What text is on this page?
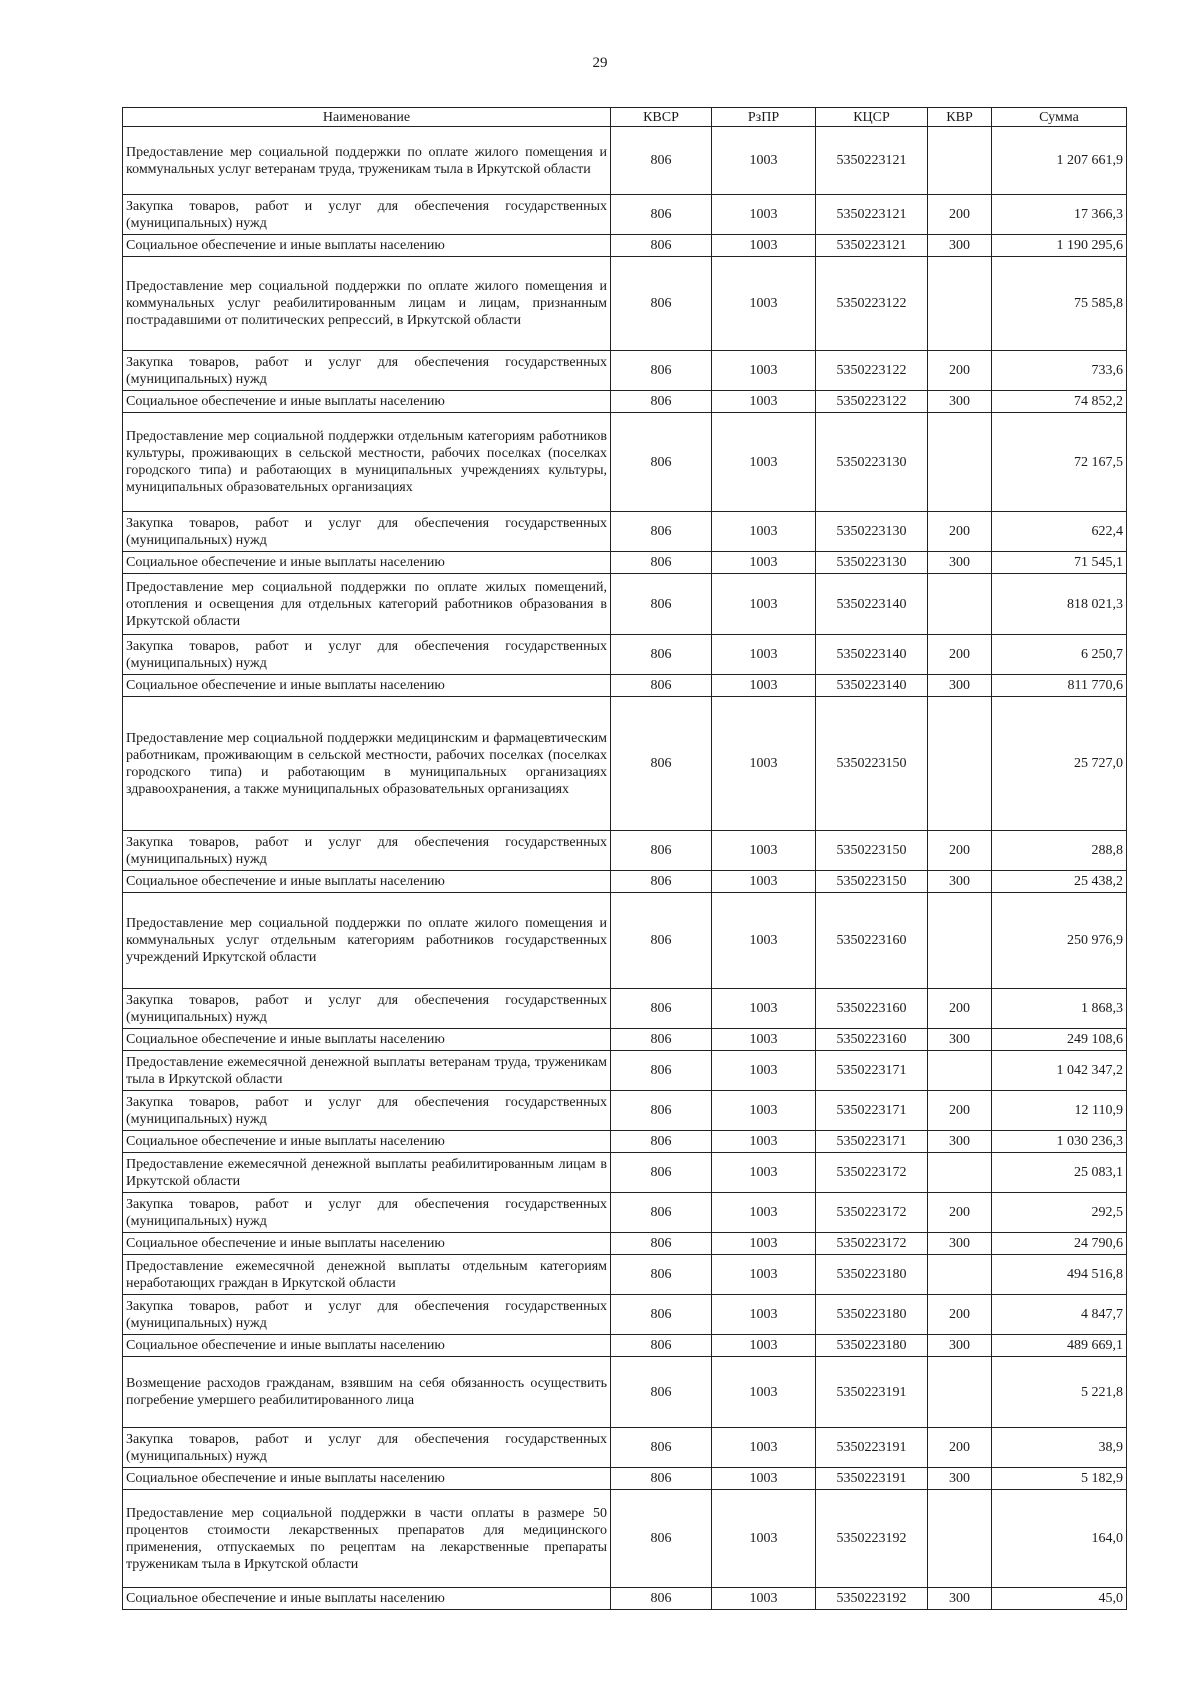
29
Наименование	КВСР	РзПР	КЦСР	КВР	Сумма
Предоставление мер социальной поддержки по оплате жилого помещения и коммунальных услуг ветеранам труда, труженикам тыла в Иркутской области	806	1003	5350223121		1 207 661,9
Закупка товаров, работ и услуг для обеспечения государственных (муниципальных) нужд	806	1003	5350223121	200	17 366,3
Социальное обеспечение и иные выплаты населению	806	1003	5350223121	300	1 190 295,6
Предоставление мер социальной поддержки по оплате жилого помещения и коммунальных услуг реабилитированным лицам и лицам, признанным пострадавшими от политических репрессий, в Иркутской области	806	1003	5350223122		75 585,8
Закупка товаров, работ и услуг для обеспечения государственных (муниципальных) нужд	806	1003	5350223122	200	733,6
Социальное обеспечение и иные выплаты населению	806	1003	5350223122	300	74 852,2
Предоставление мер социальной поддержки отдельным категориям работников культуры, проживающих в сельской местности, рабочих поселках (поселках городского типа) и работающих в муниципальных учреждениях культуры, муниципальных образовательных организациях	806	1003	5350223130		72 167,5
Закупка товаров, работ и услуг для обеспечения государственных (муниципальных) нужд	806	1003	5350223130	200	622,4
Социальное обеспечение и иные выплаты населению	806	1003	5350223130	300	71 545,1
Предоставление мер социальной поддержки по оплате жилых помещений, отопления и освещения для отдельных категорий работников образования в Иркутской области	806	1003	5350223140		818 021,3
Закупка товаров, работ и услуг для обеспечения государственных (муниципальных) нужд	806	1003	5350223140	200	6 250,7
Социальное обеспечение и иные выплаты населению	806	1003	5350223140	300	811 770,6
Предоставление мер социальной поддержки медицинским и фармацевтическим работникам, проживающим в сельской местности, рабочих поселках (поселках городского типа) и работающим в муниципальных организациях здравоохранения, а также муниципальных образовательных организациях	806	1003	5350223150		25 727,0
Закупка товаров, работ и услуг для обеспечения государственных (муниципальных) нужд	806	1003	5350223150	200	288,8
Социальное обеспечение и иные выплаты населению	806	1003	5350223150	300	25 438,2
Предоставление мер социальной поддержки по оплате жилого помещения и коммунальных услуг отдельным категориям работников государственных учреждений Иркутской области	806	1003	5350223160		250 976,9
Закупка товаров, работ и услуг для обеспечения государственных (муниципальных) нужд	806	1003	5350223160	200	1 868,3
Социальное обеспечение и иные выплаты населению	806	1003	5350223160	300	249 108,6
Предоставление ежемесячной денежной выплаты ветеранам труда, труженикам тыла в Иркутской области	806	1003	5350223171		1 042 347,2
Закупка товаров, работ и услуг для обеспечения государственных (муниципальных) нужд	806	1003	5350223171	200	12 110,9
Социальное обеспечение и иные выплаты населению	806	1003	5350223171	300	1 030 236,3
Предоставление ежемесячной денежной выплаты реабилитированным лицам в Иркутской области	806	1003	5350223172		25 083,1
Закупка товаров, работ и услуг для обеспечения государственных (муниципальных) нужд	806	1003	5350223172	200	292,5
Социальное обеспечение и иные выплаты населению	806	1003	5350223172	300	24 790,6
Предоставление ежемесячной денежной выплаты отдельным категориям неработающих граждан в Иркутской области	806	1003	5350223180		494 516,8
Закупка товаров, работ и услуг для обеспечения государственных (муниципальных) нужд	806	1003	5350223180	200	4 847,7
Социальное обеспечение и иные выплаты населению	806	1003	5350223180	300	489 669,1
Возмещение расходов гражданам, взявшим на себя обязанность осуществить погребение умершего реабилитированного лица	806	1003	5350223191		5 221,8
Закупка товаров, работ и услуг для обеспечения государственных (муниципальных) нужд	806	1003	5350223191	200	38,9
Социальное обеспечение и иные выплаты населению	806	1003	5350223191	300	5 182,9
Предоставление мер социальной поддержки в части оплаты в размере 50 процентов стоимости лекарственных препаратов для медицинского применения, отпускаемых по рецептам на лекарственные препараты труженикам тыла в Иркутской области	806	1003	5350223192		164,0
Социальное обеспечение и иные выплаты населению	806	1003	5350223192	300	45,0
